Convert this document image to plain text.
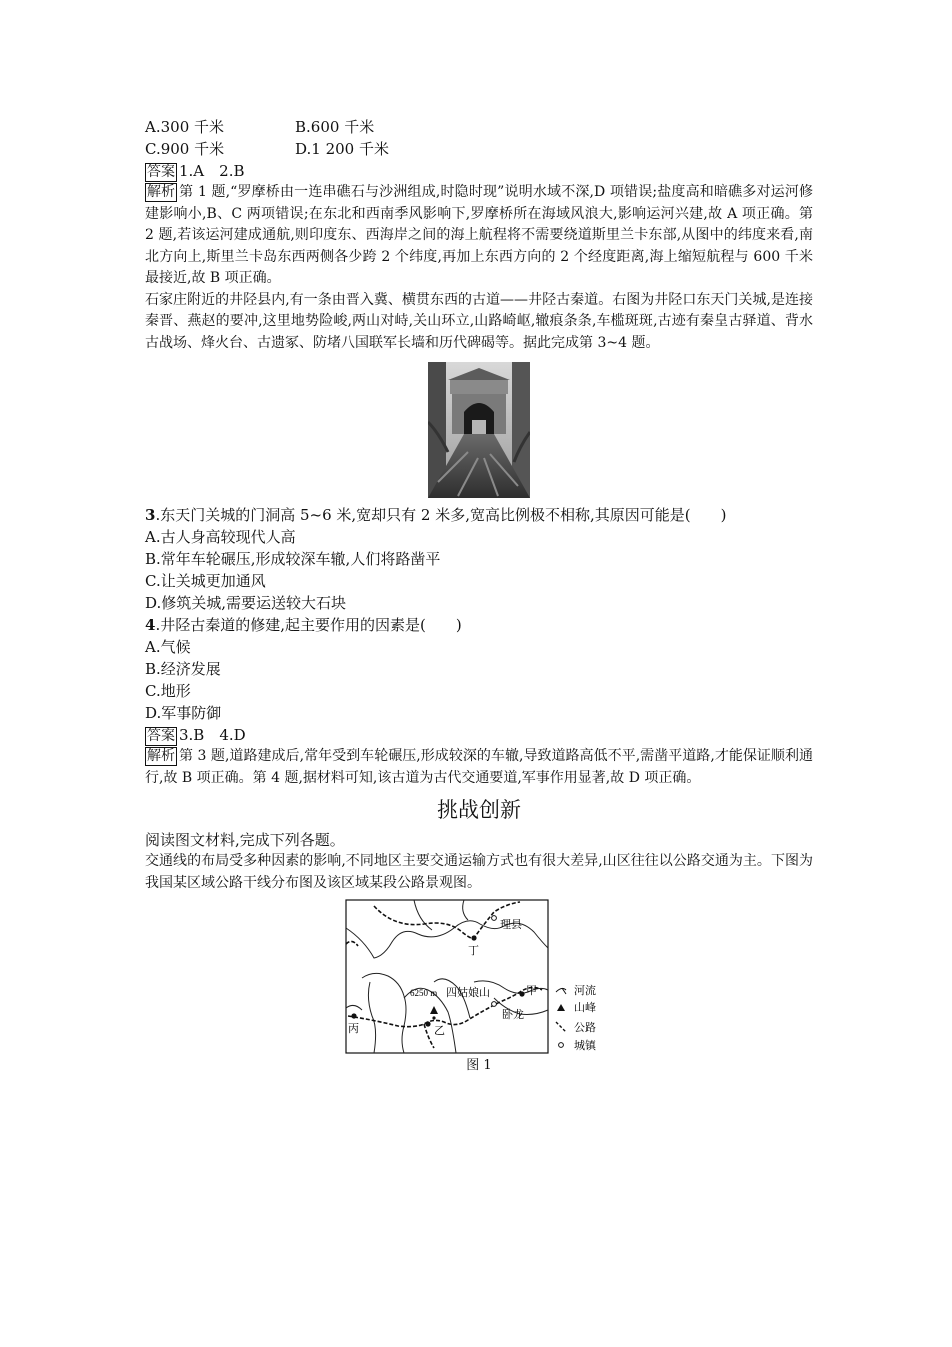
A.300 千米	B.600 千米
C.900 千米	D.1 200 千米
答案 1.A　2.B
解析 第 1 题,“罗摩桥由一连串礁石与沙洲组成,时隐时现”说明水域不深,D 项错误;盐度高和暗礁多对运河修建影响小,B、C 两项错误;在东北和西南季风影响下,罗摩桥所在海域风浪大,影响运河兴建,故 A 项正确。第 2 题,若该运河建成通航,则印度东、西海岸之间的海上航程将不需要绕道斯里兰卡东部,从图中的纬度来看,南北方向上,斯里兰卡岛东西两侧各少跨 2 个纬度,再加上东西方向的 2 个经度距离,海上缩短航程与 600 千米最接近,故 B 项正确。
石家庄附近的井陉县内,有一条由晋入冀、横贯东西的古道——井陉古秦道。右图为井陉口东天门关城,是连接秦晋、燕赵的要冲,这里地势险峻,两山对峙,关山环立,山路崎岖,辙痕条条,车槛斑斑,古迹有秦皇古驿道、背水古战场、烽火台、古遗冢、防堵八国联军长墙和历代碑碣等。据此完成第 3~4 题。
3.东天门关城的门洞高 5~6 米,宽却只有 2 米多,宽高比例极不相称,其原因可能是(　　)
A.古人身高较现代人高
B.常年车轮碾压,形成较深车辙,人们将路凿平
C.让关城更加通风
D.修筑关城,需要运送较大石块
4.井陉古秦道的修建,起主要作用的因素是(　　)
A.气候
B.经济发展
C.地形
D.军事防御
答案 3.B　4.D
解析 第 3 题,道路建成后,常年受到车轮碾压,形成较深的车辙,导致道路高低不平,需凿平道路,才能保证顺利通行,故 B 项正确。第 4 题,据材料可知,该古道为古代交通要道,军事作用显著,故 D 项正确。
挑战创新
阅读图文材料,完成下列各题。
交通线的布局受多种因素的影响,不同地区主要交通运输方式也有很大差异,山区往往以公路交通为主。下图为我国某区域公路干线分布图及该区域某段公路景观图。
理县
丁
6250 m 四姑娘山	甲
卧龙
丙	乙
河流
山峰
公路
城镇
图 1
